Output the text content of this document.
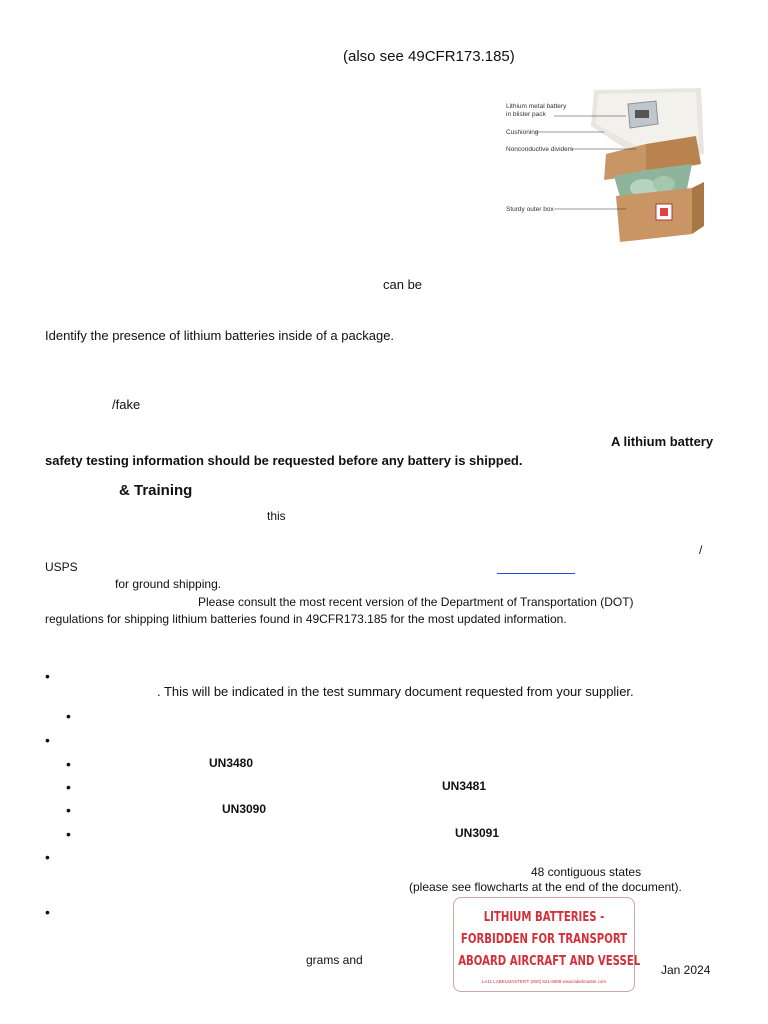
(also see 49CFR173.185)
Lithium metal battery
in blister pack
Cushioning
Nonconductive dividers
Sturdy outer box
can be
Identify the presence of lithium batteries inside of a package.
/fake
A lithium battery
safety testing information should be requested before any battery is shipped.
& Training
this
/
USPS
for ground shipping.
Please consult the most recent version of the Department of Transportation (DOT)
regulations for shipping lithium batteries found in 49CFR173.185 for the most updated information.
•
. This will be indicated in the test summary document requested from your supplier.
•
•
•	UN3480
•	UN3481
•	UN3090
•	UN3091
•
48 contiguous states
(please see flowcharts at the end of the document).
•
grams and
LITHIUM BATTERIES -
FORBIDDEN FOR TRANSPORT
ABOARD AIRCRAFT AND VESSEL
LA11 LABELMASTER® (800) 621-5808 www.labelmaster.com
Jan 2024
